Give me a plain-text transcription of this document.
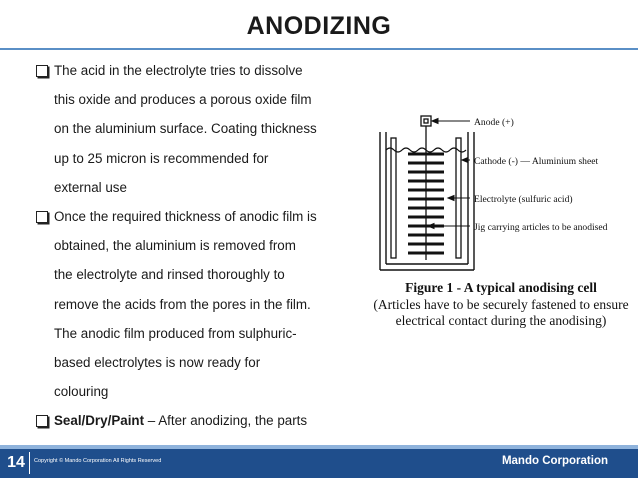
ANODIZING
The acid in the electrolyte tries to dissolve
this oxide and produces a porous oxide film
on the aluminium surface. Coating thickness
up to 25 micron is recommended for
external use
Once the required thickness of anodic film is
obtained, the aluminium is removed from
the electrolyte and rinsed thoroughly to
remove the acids from the pores in the film.
The anodic film produced from sulphuric-
based electrolytes is now ready for
colouring
Seal/Dry/Paint – After anodizing, the parts
Anode (+)
Cathode (-) — Aluminium sheet
Electrolyte (sulfuric acid)
Jig carrying articles to be anodised
Figure 1 - A typical anodising cell
(Articles have to be securely fastened to ensure
electrical contact during the anodising)
14	Copyright © Mando Corporation All Rights Reserved	Mando Corporation
